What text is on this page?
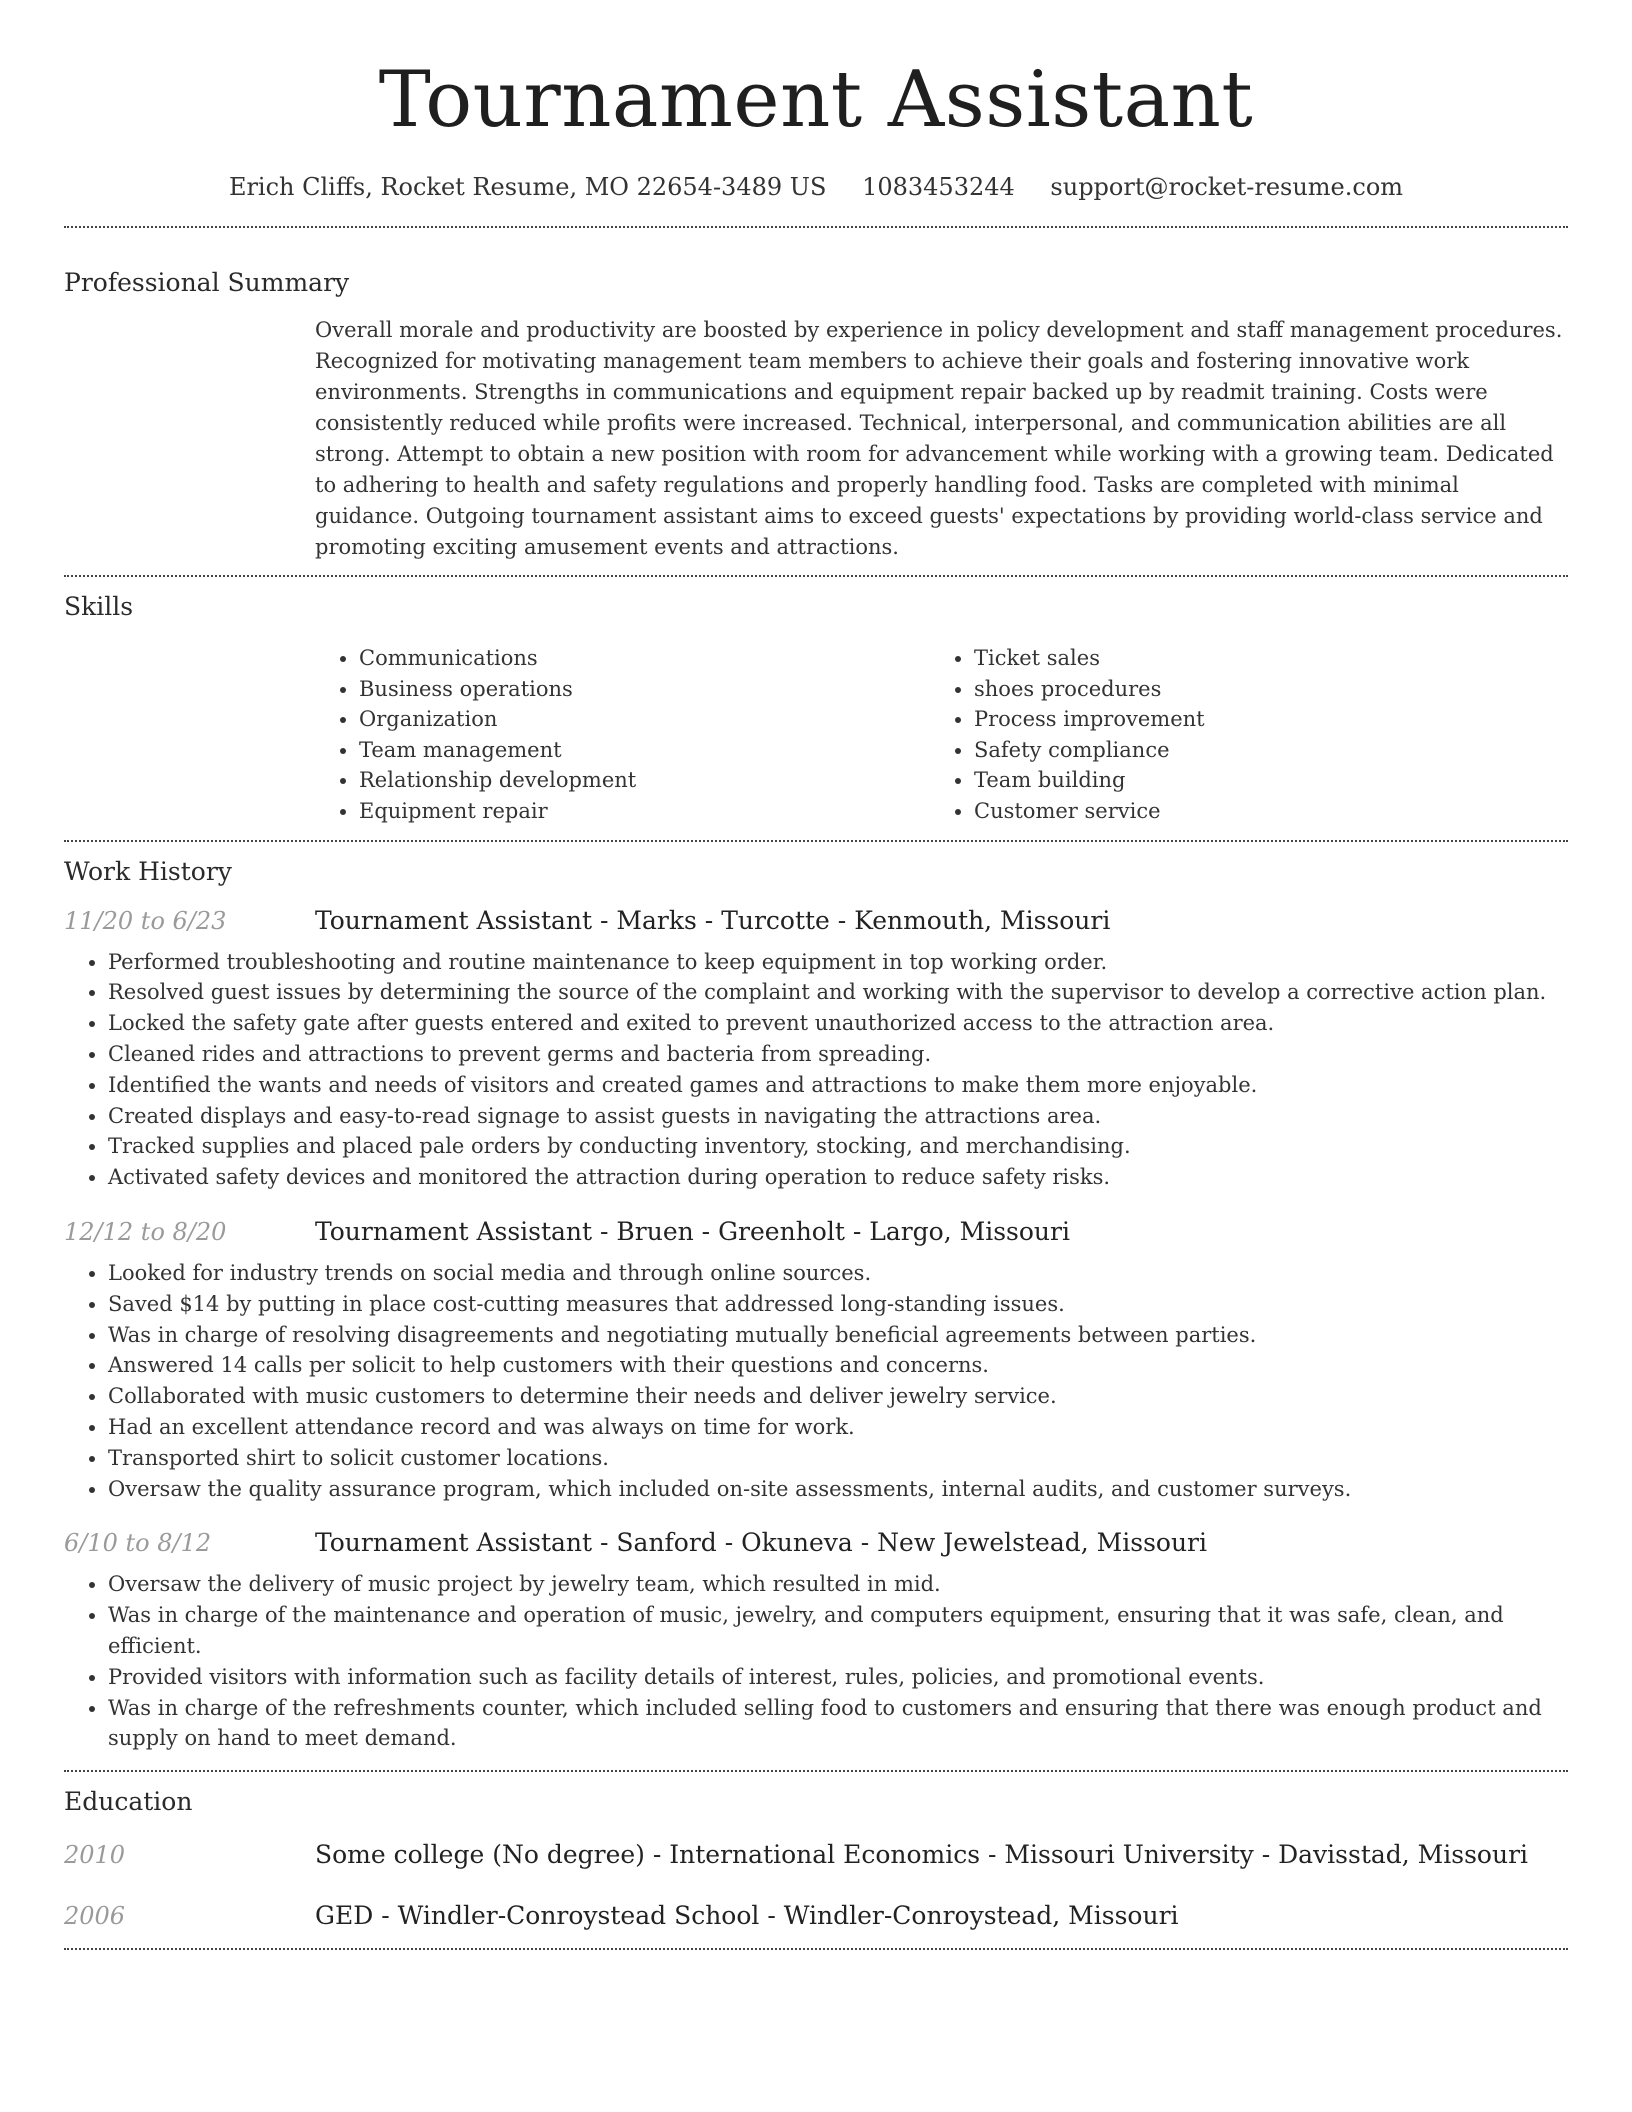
Tournament Assistant
Erich Cliffs, Rocket Resume, MO 22654-3489 US 1083453244 support@rocket-resume.com
Professional Summary

Overall morale and productivity are boosted by experience in policy development and staff management procedures. Recognized for motivating management team members to achieve their goals and fostering innovative work environments. Strengths in communications and equipment repair backed up by readmit training. Costs were consistently reduced while profits were increased. Technical, interpersonal, and communication abilities are all strong. Attempt to obtain a new position with room for advancement while working with a growing team. Dedicated to adhering to health and safety regulations and properly handling food. Tasks are completed with minimal guidance. Outgoing tournament assistant aims to exceed guests' expectations by providing world-class service and promoting exciting amusement events and attractions.

Skills
• Communications
• Business operations
• Organization
• Team management
• Relationship development
• Equipment repair
• Ticket sales
• shoes procedures
• Process improvement
• Safety compliance
• Team building
• Customer service
Work History
11/20 to 6/23	Tournament Assistant - Marks - Turcotte - Kenmouth, Missouri
• Performed troubleshooting and routine maintenance to keep equipment in top working order.
• Resolved guest issues by determining the source of the complaint and working with the supervisor to develop a corrective action plan.
• Locked the safety gate after guests entered and exited to prevent unauthorized access to the attraction area.
• Cleaned rides and attractions to prevent germs and bacteria from spreading.
• Identified the wants and needs of visitors and created games and attractions to make them more enjoyable.
• Created displays and easy-to-read signage to assist guests in navigating the attractions area.
• Tracked supplies and placed pale orders by conducting inventory, stocking, and merchandising.
• Activated safety devices and monitored the attraction during operation to reduce safety risks.
12/12 to 8/20	Tournament Assistant - Bruen - Greenholt - Largo, Missouri
• Looked for industry trends on social media and through online sources.
• Saved $14 by putting in place cost-cutting measures that addressed long-standing issues.
• Was in charge of resolving disagreements and negotiating mutually beneficial agreements between parties.
• Answered 14 calls per solicit to help customers with their questions and concerns.
• Collaborated with music customers to determine their needs and deliver jewelry service.
• Had an excellent attendance record and was always on time for work.
• Transported shirt to solicit customer locations.
• Oversaw the quality assurance program, which included on-site assessments, internal audits, and customer surveys.
6/10 to 8/12	Tournament Assistant - Sanford - Okuneva - New Jewelstead, Missouri
• Oversaw the delivery of music project by jewelry team, which resulted in mid.
• Was in charge of the maintenance and operation of music, jewelry, and computers equipment, ensuring that it was safe, clean, and efficient.
• Provided visitors with information such as facility details of interest, rules, policies, and promotional events.
• Was in charge of the refreshments counter, which included selling food to customers and ensuring that there was enough product and supply on hand to meet demand.
Education
2010	Some college (No degree) - International Economics - Missouri University - Davisstad, Missouri
2006	GED - Windler-Conroystead School - Windler-Conroystead, Missouri
